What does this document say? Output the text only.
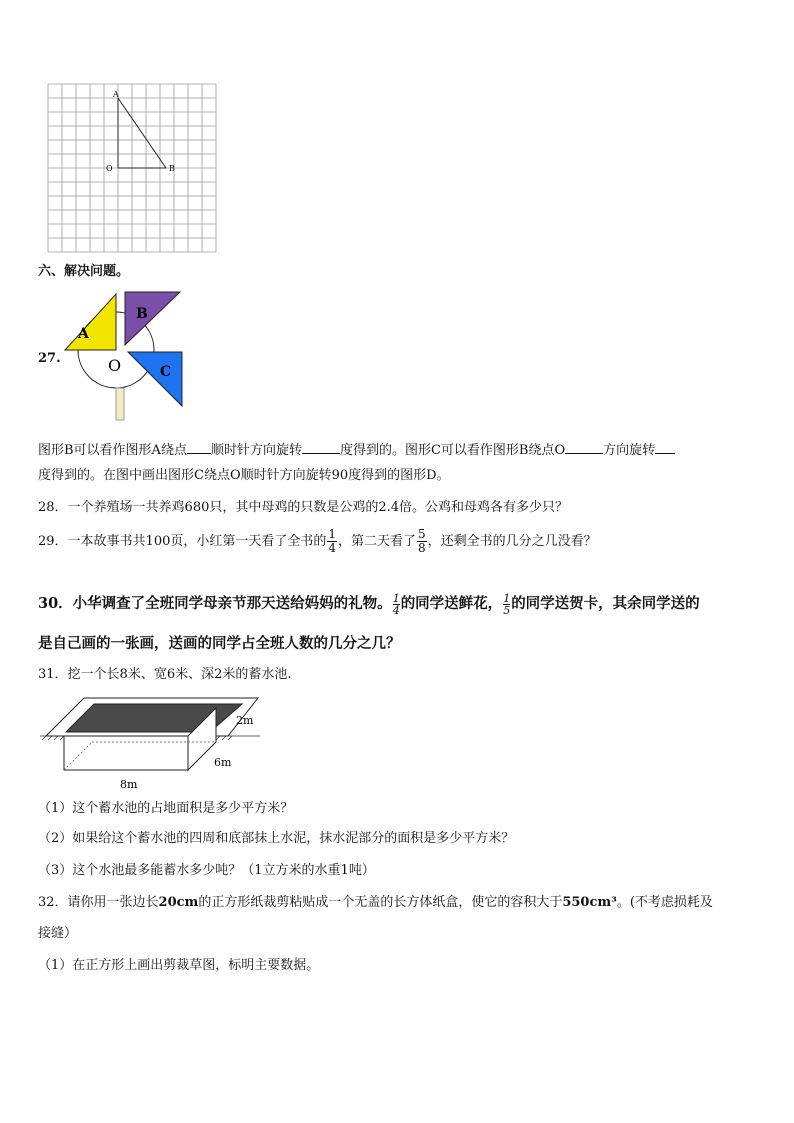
A
O	B
六、解决问题。
27.
A
B
C
O
图形B可以看作图形A绕点 顺时针方向旋转	度得到的。图形C可以看作图形B绕点O	方向旋转
度得到的。在图中画出图形C绕点O顺时针方向旋转90度得到的图形D。
28．一个养殖场一共养鸡680只，其中母鸡的只数是公鸡的2.4倍。公鸡和母鸡各有多少只？
29．一本故事书共100页，小红第一天看了全书的 $\frac{1}{4}$ ，第二天看了 $\frac{5}{8}$ ，还剩全书的几分之几没看？
30．小华调查了全班同学母亲节那天送给妈妈的礼物。 $\frac{1}{4}$ 的同学送鲜花， $\frac{1}{5}$ 的同学送贺卡，其余同学送的
是自己画的一张画，送画的同学占全班人数的几分之几？
31．挖一个长8米、宽6米、深2米的蓄水池.
2m
6m
8m
（1）这个蓄水池的占地面积是多少平方米？
（2）如果给这个蓄水池的四周和底部抹上水泥，抹水泥部分的面积是多少平方米？
（3）这个水池最多能蓄水多少吨？（1立方米的水重1吨）
32．请你用一张边长20cm的正方形纸裁剪粘贴成一个无盖的长方体纸盒，使它的容积大于550cm³。(不考虑损耗及
接缝）
（1）在正方形上画出剪裁草图，标明主要数据。
